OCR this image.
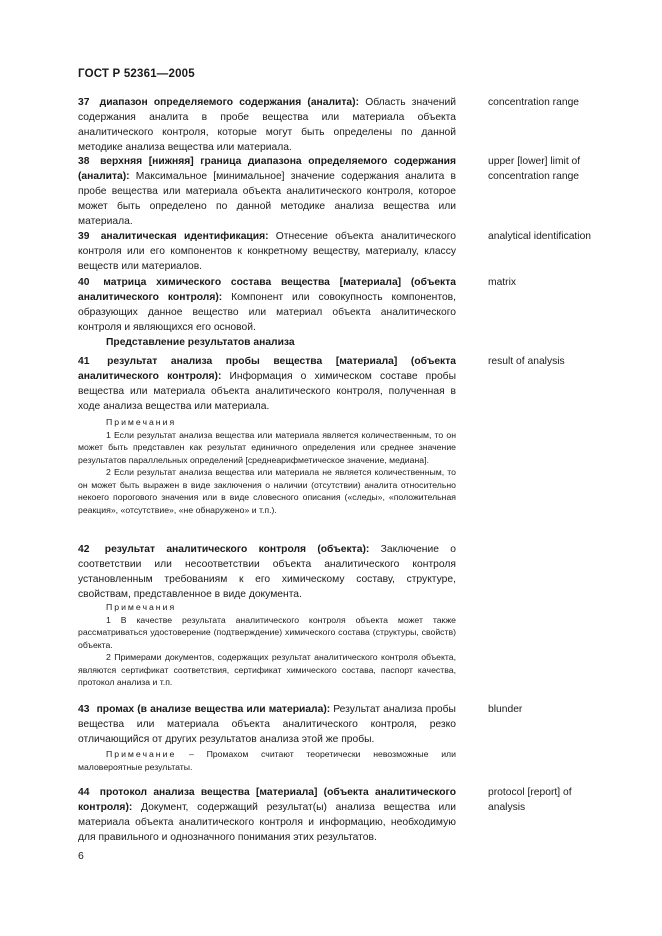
ГОСТ Р 52361—2005
37 диапазон определяемого содержания (аналита): Область значений содержания аналита в пробе вещества или материала объекта аналитического контроля, которые могут быть определены по данной методике анализа вещества или материала.
concentration range
38 верхняя [нижняя] граница диапазона определяемого содержания (аналита): Максимальное [минимальное] значение содержания аналита в пробе вещества или материала объекта аналитического контроля, которое может быть определено по данной методике анализа вещества или материала.
upper [lower] limit of concentration range
39 аналитическая идентификация: Отнесение объекта аналитического контроля или его компонентов к конкретному веществу, материалу, классу веществ или материалов.
analytical identification
40 матрица химического состава вещества [материала] (объекта аналитического контроля): Компонент или совокупность компонентов, образующих данное вещество или материал объекта аналитического контроля и являющихся его основой.
matrix
Представление результатов анализа
41 результат анализа пробы вещества [материала] (объекта аналитического контроля): Информация о химическом составе пробы вещества или материала объекта аналитического контроля, полученная в ходе анализа вещества или материала.
result of analysis
Примечания
1 Если результат анализа вещества или материала является количественным, то он может быть представлен как результат единичного определения или среднее значение результатов параллельных определений [среднеарифметическое значение, медиана].
2 Если результат анализа вещества или материала не является количественным, то он может быть выражен в виде заключения о наличии (отсутствии) аналита относительно некоего порогового значения или в виде словесного описания («следы», «положительная реакция», «отсутствие», «не обнаружено» и т.п.).
42 результат аналитического контроля (объекта): Заключение о соответствии или несоответствии объекта аналитического контроля установленным требованиям к его химическому составу, структуре, свойствам, представленное в виде документа.
Примечания
1 В качестве результата аналитического контроля объекта может также рассматриваться удостоверение (подтверждение) химического состава (структуры, свойств) объекта.
2 Примерами документов, содержащих результат аналитического контроля объекта, являются сертификат соответствия, сертификат химического состава, паспорт качества, протокол анализа и т.п.
43 промах (в анализе вещества или материала): Результат анализа пробы вещества или материала объекта аналитического контроля, резко отличающийся от других результатов анализа этой же пробы.
blunder
Примечание – Промахом считают теоретически невозможные или маловероятные результаты.
44 протокол анализа вещества [материала] (объекта аналитического контроля): Документ, содержащий результат(ы) анализа вещества или материала объекта аналитического контроля и информацию, необходимую для правильного и однозначного понимания этих результатов.
protocol [report] of analysis
6
